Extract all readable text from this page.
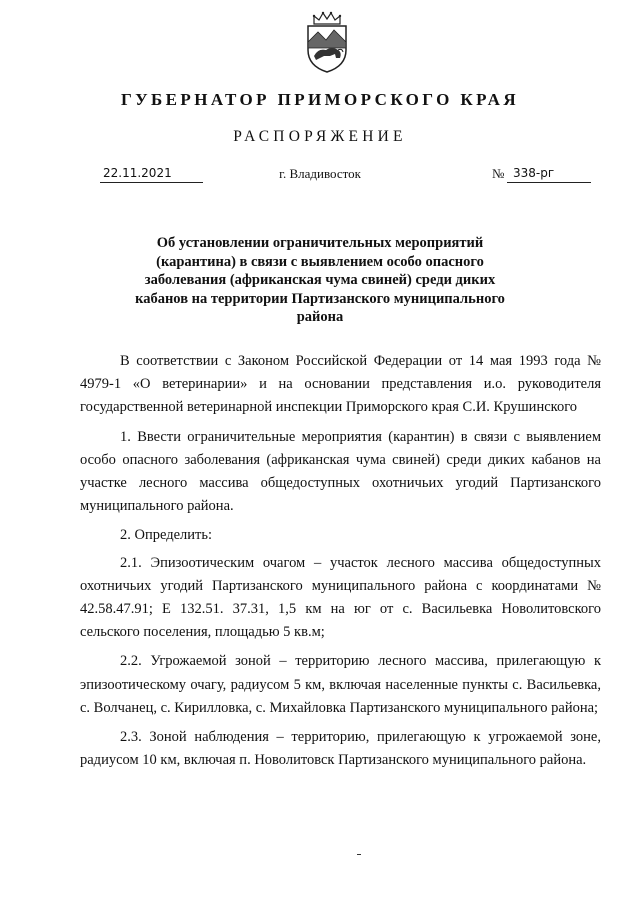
ГУБЕРНАТОР ПРИМОРСКОГО КРАЯ
РАСПОРЯЖЕНИЕ
22.11.2021	г. Владивосток	№ 338-рг
Об установлении ограничительных мероприятий (карантина) в связи с выявлением особо опасного заболевания (африканская чума свиней) среди диких кабанов на территории Партизанского муниципального района

В соответствии с Законом Российской Федерации от 14 мая 1993 года № 4979-1 «О ветеринарии» и на основании представления и.о. руководителя государственной ветеринарной инспекции Приморского края С.И. Крушинского

1. Ввести ограничительные мероприятия (карантин) в связи с выявлением особо опасного заболевания (африканская чума свиней) среди диких кабанов на участке лесного массива общедоступных охотничьих угодий Партизанского муниципального района.

2. Определить:

2.1. Эпизоотическим очагом – участок лесного массива общедоступных охотничьих угодий Партизанского муниципального района с координатами № 42.58.47.91; Е 132.51. 37.31, 1,5 км на юг от с. Васильевка Новолитовского сельского поселения, площадью 5 кв.м;

2.2. Угрожаемой зоной – территорию лесного массива, прилегающую к эпизоотическому очагу, радиусом 5 км, включая населенные пункты с. Васильевка, с. Волчанец, с. Кирилловка, с. Михайловка Партизанского муниципального района;

2.3. Зоной наблюдения – территорию, прилегающую к угрожаемой зоне, радиусом 10 км, включая п. Новолитовск Партизанского муниципального района.
